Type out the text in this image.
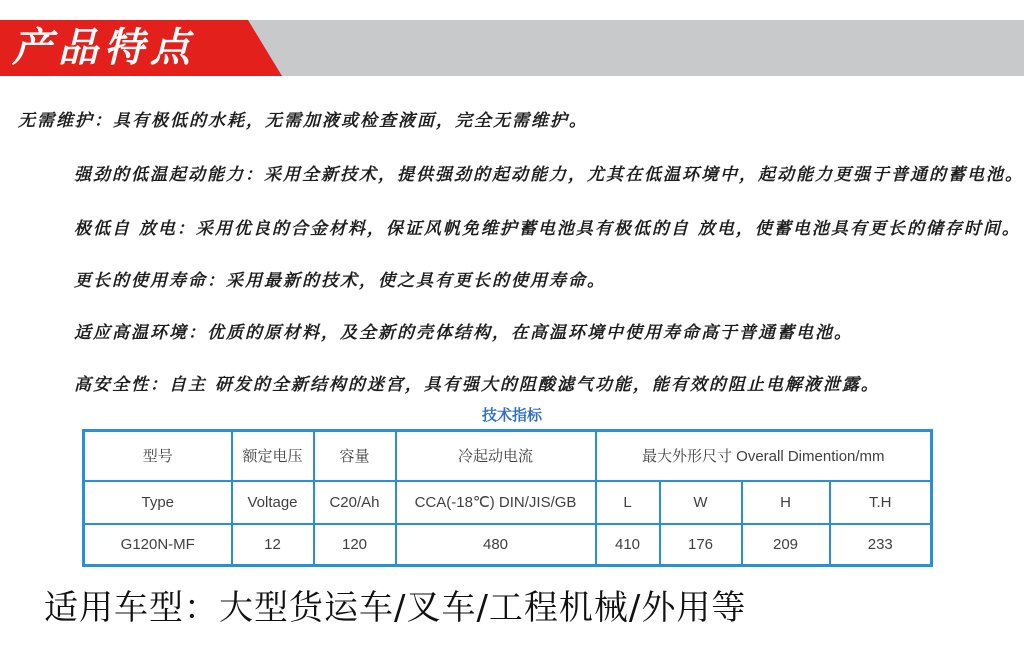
产品特点
无需维护：具有极低的水耗，无需加液或检查液面，完全无需维护。
强劲的低温起动能力：采用全新技术，提供强劲的起动能力，尤其在低温环境中，起动能力更强于普通的蓄电池。
极低自 放电：采用优良的合金材料，保证风帆免维护蓄电池具有极低的自 放电，使蓄电池具有更长的储存时间。
更长的使用寿命：采用最新的技术，使之具有更长的使用寿命。
适应高温环境：优质的原材料，及全新的壳体结构，在高温环境中使用寿命高于普通蓄电池。
高安全性：自主 研发的全新结构的迷宫，具有强大的阻酸滤气功能，能有效的阻止电解液泄露。
技术指标
型号	额定电压	容量	冷起动电流	最大外形尺寸 Overall Dimention/mm			
Type	Voltage	C20/Ah	CCA(-18℃) DIN/JIS/GB	L	W	H	T.H
G120N-MF	12	120	480	410	176	209	233
适用车型：大型货运车/叉车/工程机械/外用等
